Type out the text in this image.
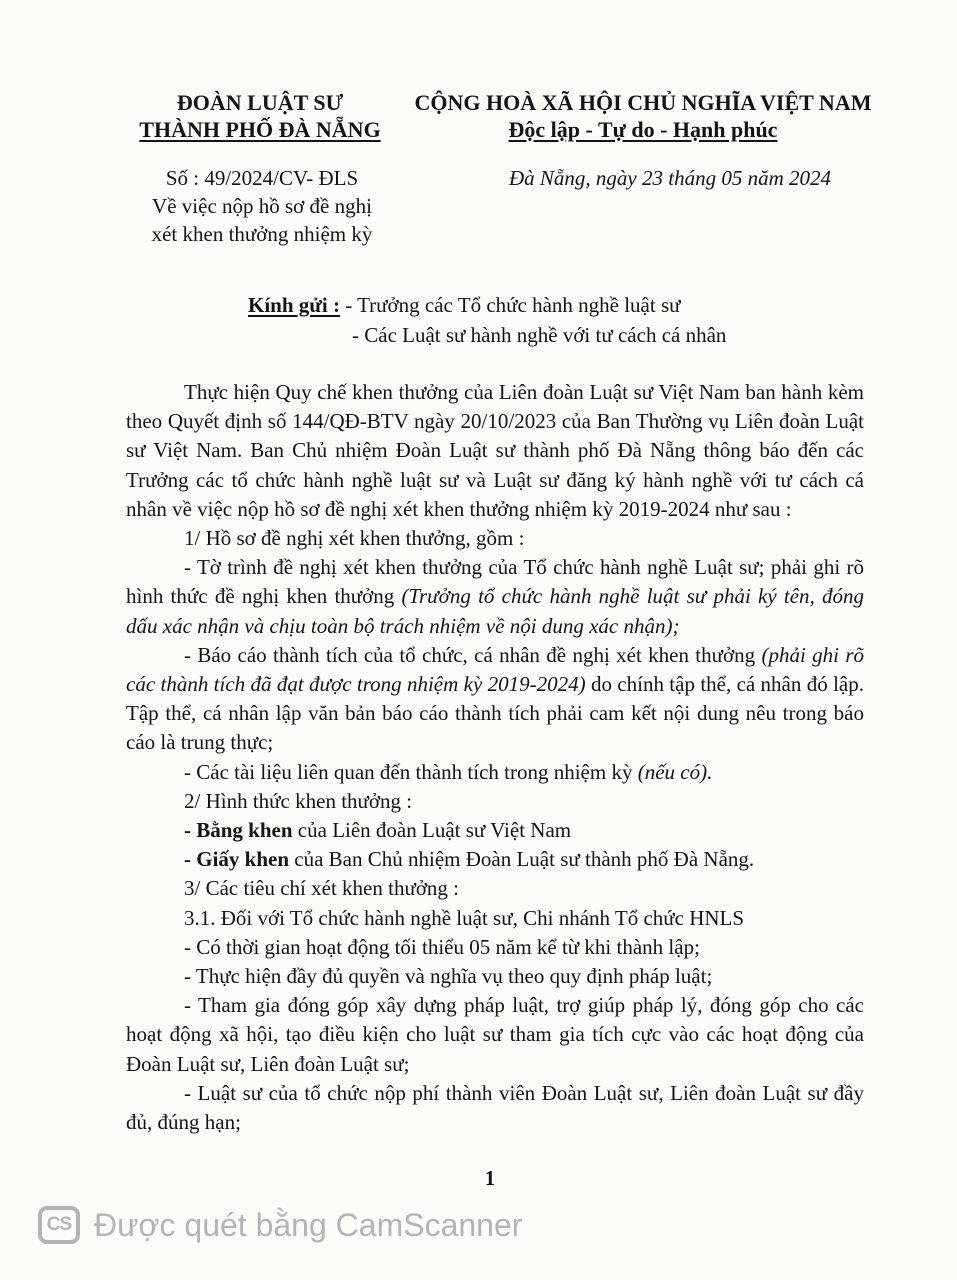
ĐOÀN LUẬT SƯ
THÀNH PHỐ ĐÀ NẴNG
CỘNG HOÀ XÃ HỘI CHỦ NGHĨA VIỆT NAM
Độc lập - Tự do - Hạnh phúc
Số : 49/2024/CV- ĐLS
Về việc nộp hồ sơ đề nghị
xét khen thưởng nhiệm kỳ
Đà Nẵng, ngày 23 tháng 05 năm 2024
Kính gửi : - Trưởng các Tổ chức hành nghề luật sư
- Các Luật sư hành nghề với tư cách cá nhân

Thực hiện Quy chế khen thưởng của Liên đoàn Luật sư Việt Nam ban hành kèm theo Quyết định số 144/QĐ-BTV ngày 20/10/2023 của Ban Thường vụ Liên đoàn Luật sư Việt Nam. Ban Chủ nhiệm Đoàn Luật sư thành phố Đà Nẵng thông báo đến các Trưởng các tổ chức hành nghề luật sư và Luật sư đăng ký hành nghề với tư cách cá nhân về việc nộp hồ sơ đề nghị xét khen thưởng nhiệm kỳ 2019-2024 như sau :

1/ Hồ sơ đề nghị xét khen thưởng, gồm :

- Tờ trình đề nghị xét khen thưởng của Tổ chức hành nghề Luật sư; phải ghi rõ hình thức đề nghị khen thưởng (Trưởng tổ chức hành nghề luật sư phải ký tên, đóng dấu xác nhận và chịu toàn bộ trách nhiệm về nội dung xác nhận);

- Báo cáo thành tích của tổ chức, cá nhân đề nghị xét khen thưởng (phải ghi rõ các thành tích đã đạt được trong nhiệm kỳ 2019-2024) do chính tập thể, cá nhân đó lập. Tập thể, cá nhân lập văn bản báo cáo thành tích phải cam kết nội dung nêu trong báo cáo là trung thực;

- Các tài liệu liên quan đến thành tích trong nhiệm kỳ (nếu có).

2/ Hình thức khen thưởng :

- Bằng khen của Liên đoàn Luật sư Việt Nam

- Giấy khen của Ban Chủ nhiệm Đoàn Luật sư thành phố Đà Nẵng.

3/ Các tiêu chí xét khen thưởng :

3.1. Đối với Tổ chức hành nghề luật sư, Chi nhánh Tổ chức HNLS

- Có thời gian hoạt động tối thiểu 05 năm kể từ khi thành lập;

- Thực hiện đầy đủ quyền và nghĩa vụ theo quy định pháp luật;

- Tham gia đóng góp xây dựng pháp luật, trợ giúp pháp lý, đóng góp cho các hoạt động xã hội, tạo điều kiện cho luật sư tham gia tích cực vào các hoạt động của Đoàn Luật sư, Liên đoàn Luật sư;

- Luật sư của tổ chức nộp phí thành viên Đoàn Luật sư, Liên đoàn Luật sư đầy đủ, đúng hạn;

1
CS Được quét bằng CamScanner
